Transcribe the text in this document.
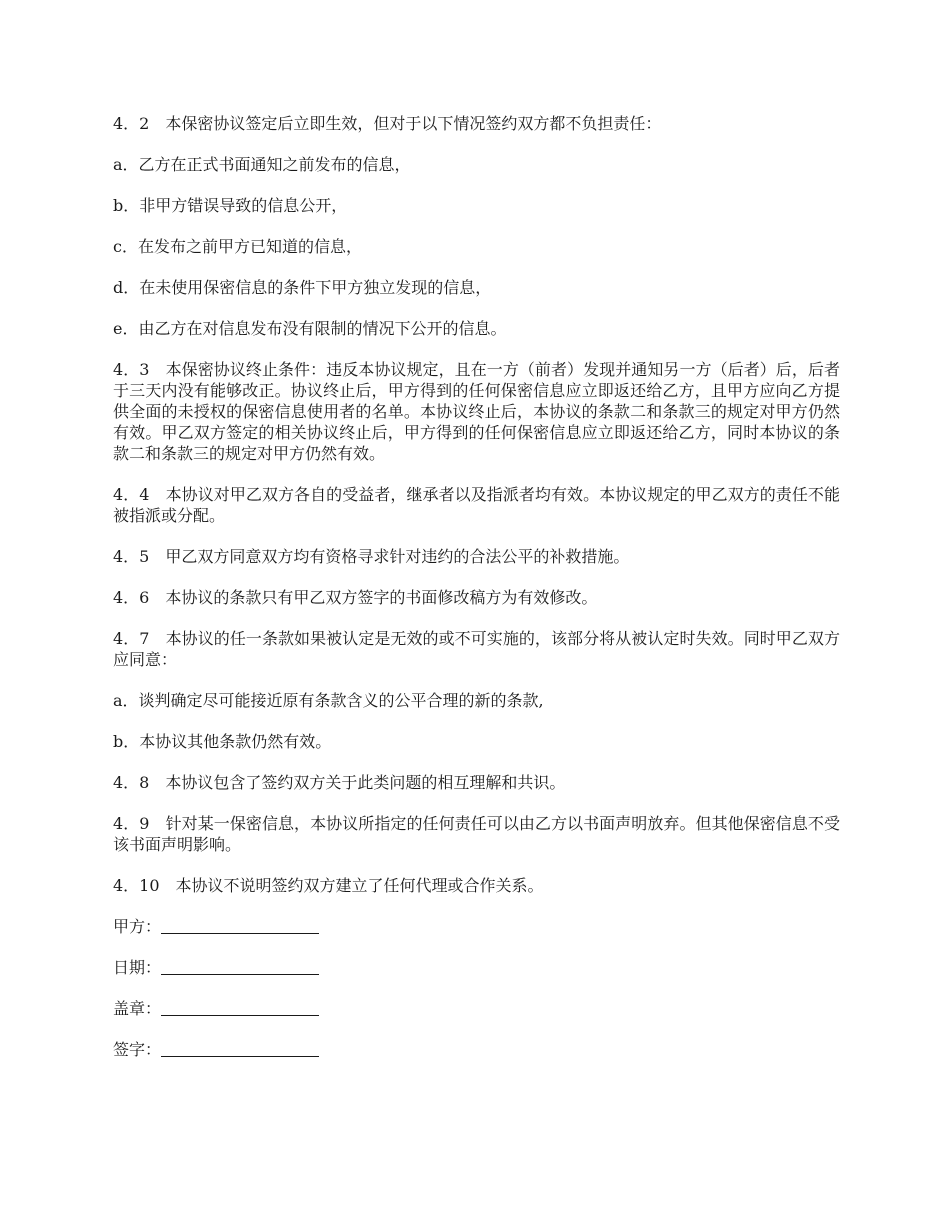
4．2　本保密协议签定后立即生效，但对于以下情况签约双方都不负担责任：

a．乙方在正式书面通知之前发布的信息，

b．非甲方错误导致的信息公开，

c．在发布之前甲方已知道的信息，

d．在未使用保密信息的条件下甲方独立发现的信息，

e．由乙方在对信息发布没有限制的情况下公开的信息。

4．3　本保密协议终止条件：违反本协议规定，且在一方（前者）发现并通知另一方（后者）后，后者于三天内没有能够改正。协议终止后，甲方得到的任何保密信息应立即返还给乙方，且甲方应向乙方提供全面的未授权的保密信息使用者的名单。本协议终止后，本协议的条款二和条款三的规定对甲方仍然有效。甲乙双方签定的相关协议终止后，甲方得到的任何保密信息应立即返还给乙方，同时本协议的条款二和条款三的规定对甲方仍然有效。

4．4　本协议对甲乙双方各自的受益者，继承者以及指派者均有效。本协议规定的甲乙双方的责任不能被指派或分配。

4．5　甲乙双方同意双方均有资格寻求针对违约的合法公平的补救措施。

4．6　本协议的条款只有甲乙双方签字的书面修改稿方为有效修改。

4．7　本协议的任一条款如果被认定是无效的或不可实施的，该部分将从被认定时失效。同时甲乙双方应同意：

a．谈判确定尽可能接近原有条款含义的公平合理的新的条款,

b．本协议其他条款仍然有效。

4．8　本协议包含了签约双方关于此类问题的相互理解和共识。

4．9　针对某一保密信息，本协议所指定的任何责任可以由乙方以书面声明放弃。但其他保密信息不受该书面声明影响。

4．10　本协议不说明签约双方建立了任何代理或合作关系。

甲方：
日期：
盖章：
签字：
